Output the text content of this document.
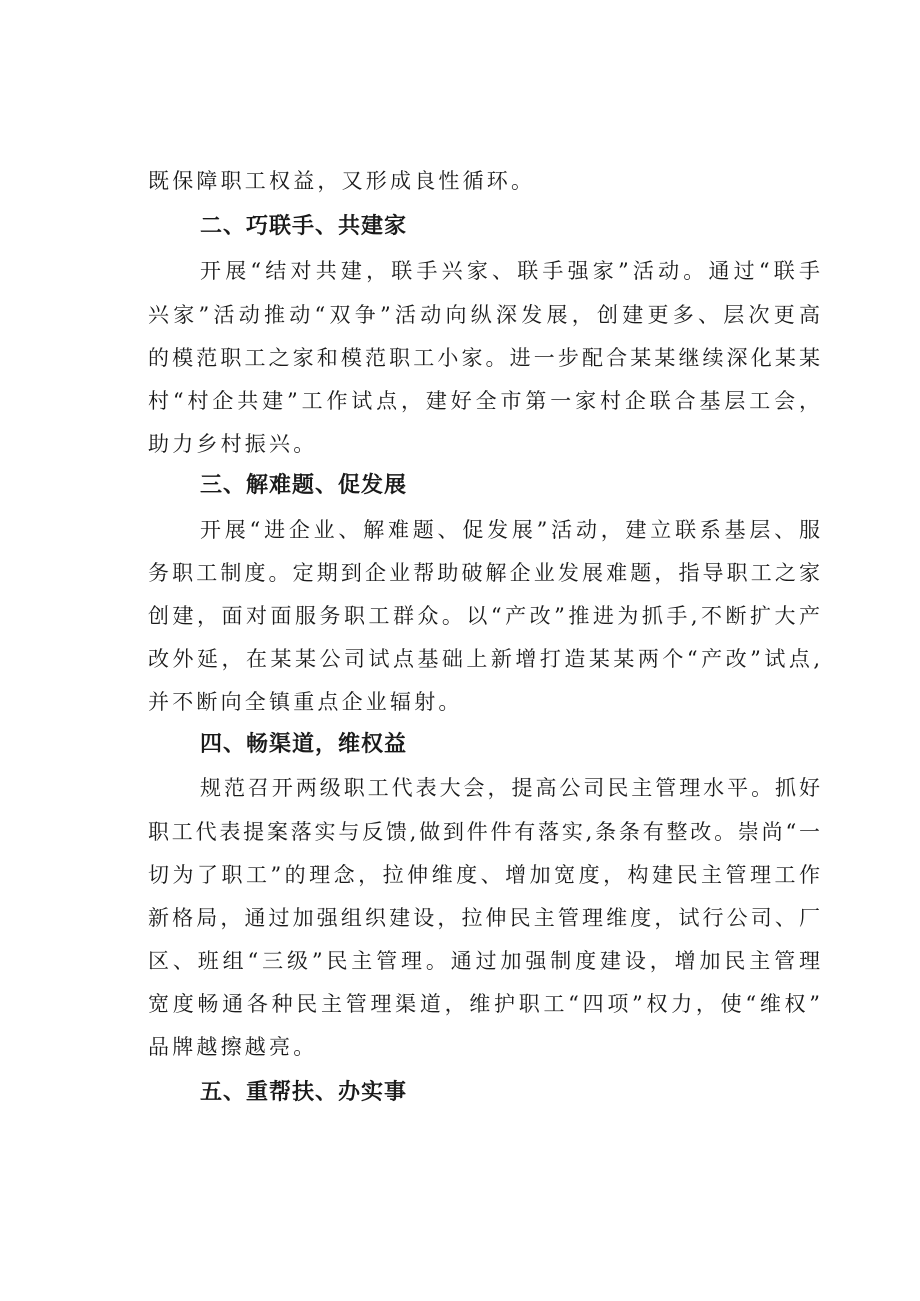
既保障职工权益，又形成良性循环。
二、巧联手、共建家
开展“结对共建，联手兴家、联手强家”活动。通过“联手
兴家”活动推动“双争”活动向纵深发展，创建更多、层次更高
的模范职工之家和模范职工小家。进一步配合某某继续深化某某
村“村企共建”工作试点，建好全市第一家村企联合基层工会，
助力乡村振兴。
三、解难题、促发展
开展“进企业、解难题、促发展”活动，建立联系基层、服
务职工制度。定期到企业帮助破解企业发展难题，指导职工之家
创建，面对面服务职工群众。以“产改”推进为抓手,不断扩大产
改外延，在某某公司试点基础上新增打造某某两个“产改”试点,
并不断向全镇重点企业辐射。
四、畅渠道，维权益
规范召开两级职工代表大会，提高公司民主管理水平。抓好
职工代表提案落实与反馈,做到件件有落实,条条有整改。崇尚“一
切为了职工”的理念，拉伸维度、增加宽度，构建民主管理工作
新格局，通过加强组织建设，拉伸民主管理维度，试行公司、厂
区、班组“三级”民主管理。通过加强制度建设，增加民主管理
宽度畅通各种民主管理渠道，维护职工“四项”权力，使“维权”
品牌越擦越亮。
五、重帮扶、办实事
